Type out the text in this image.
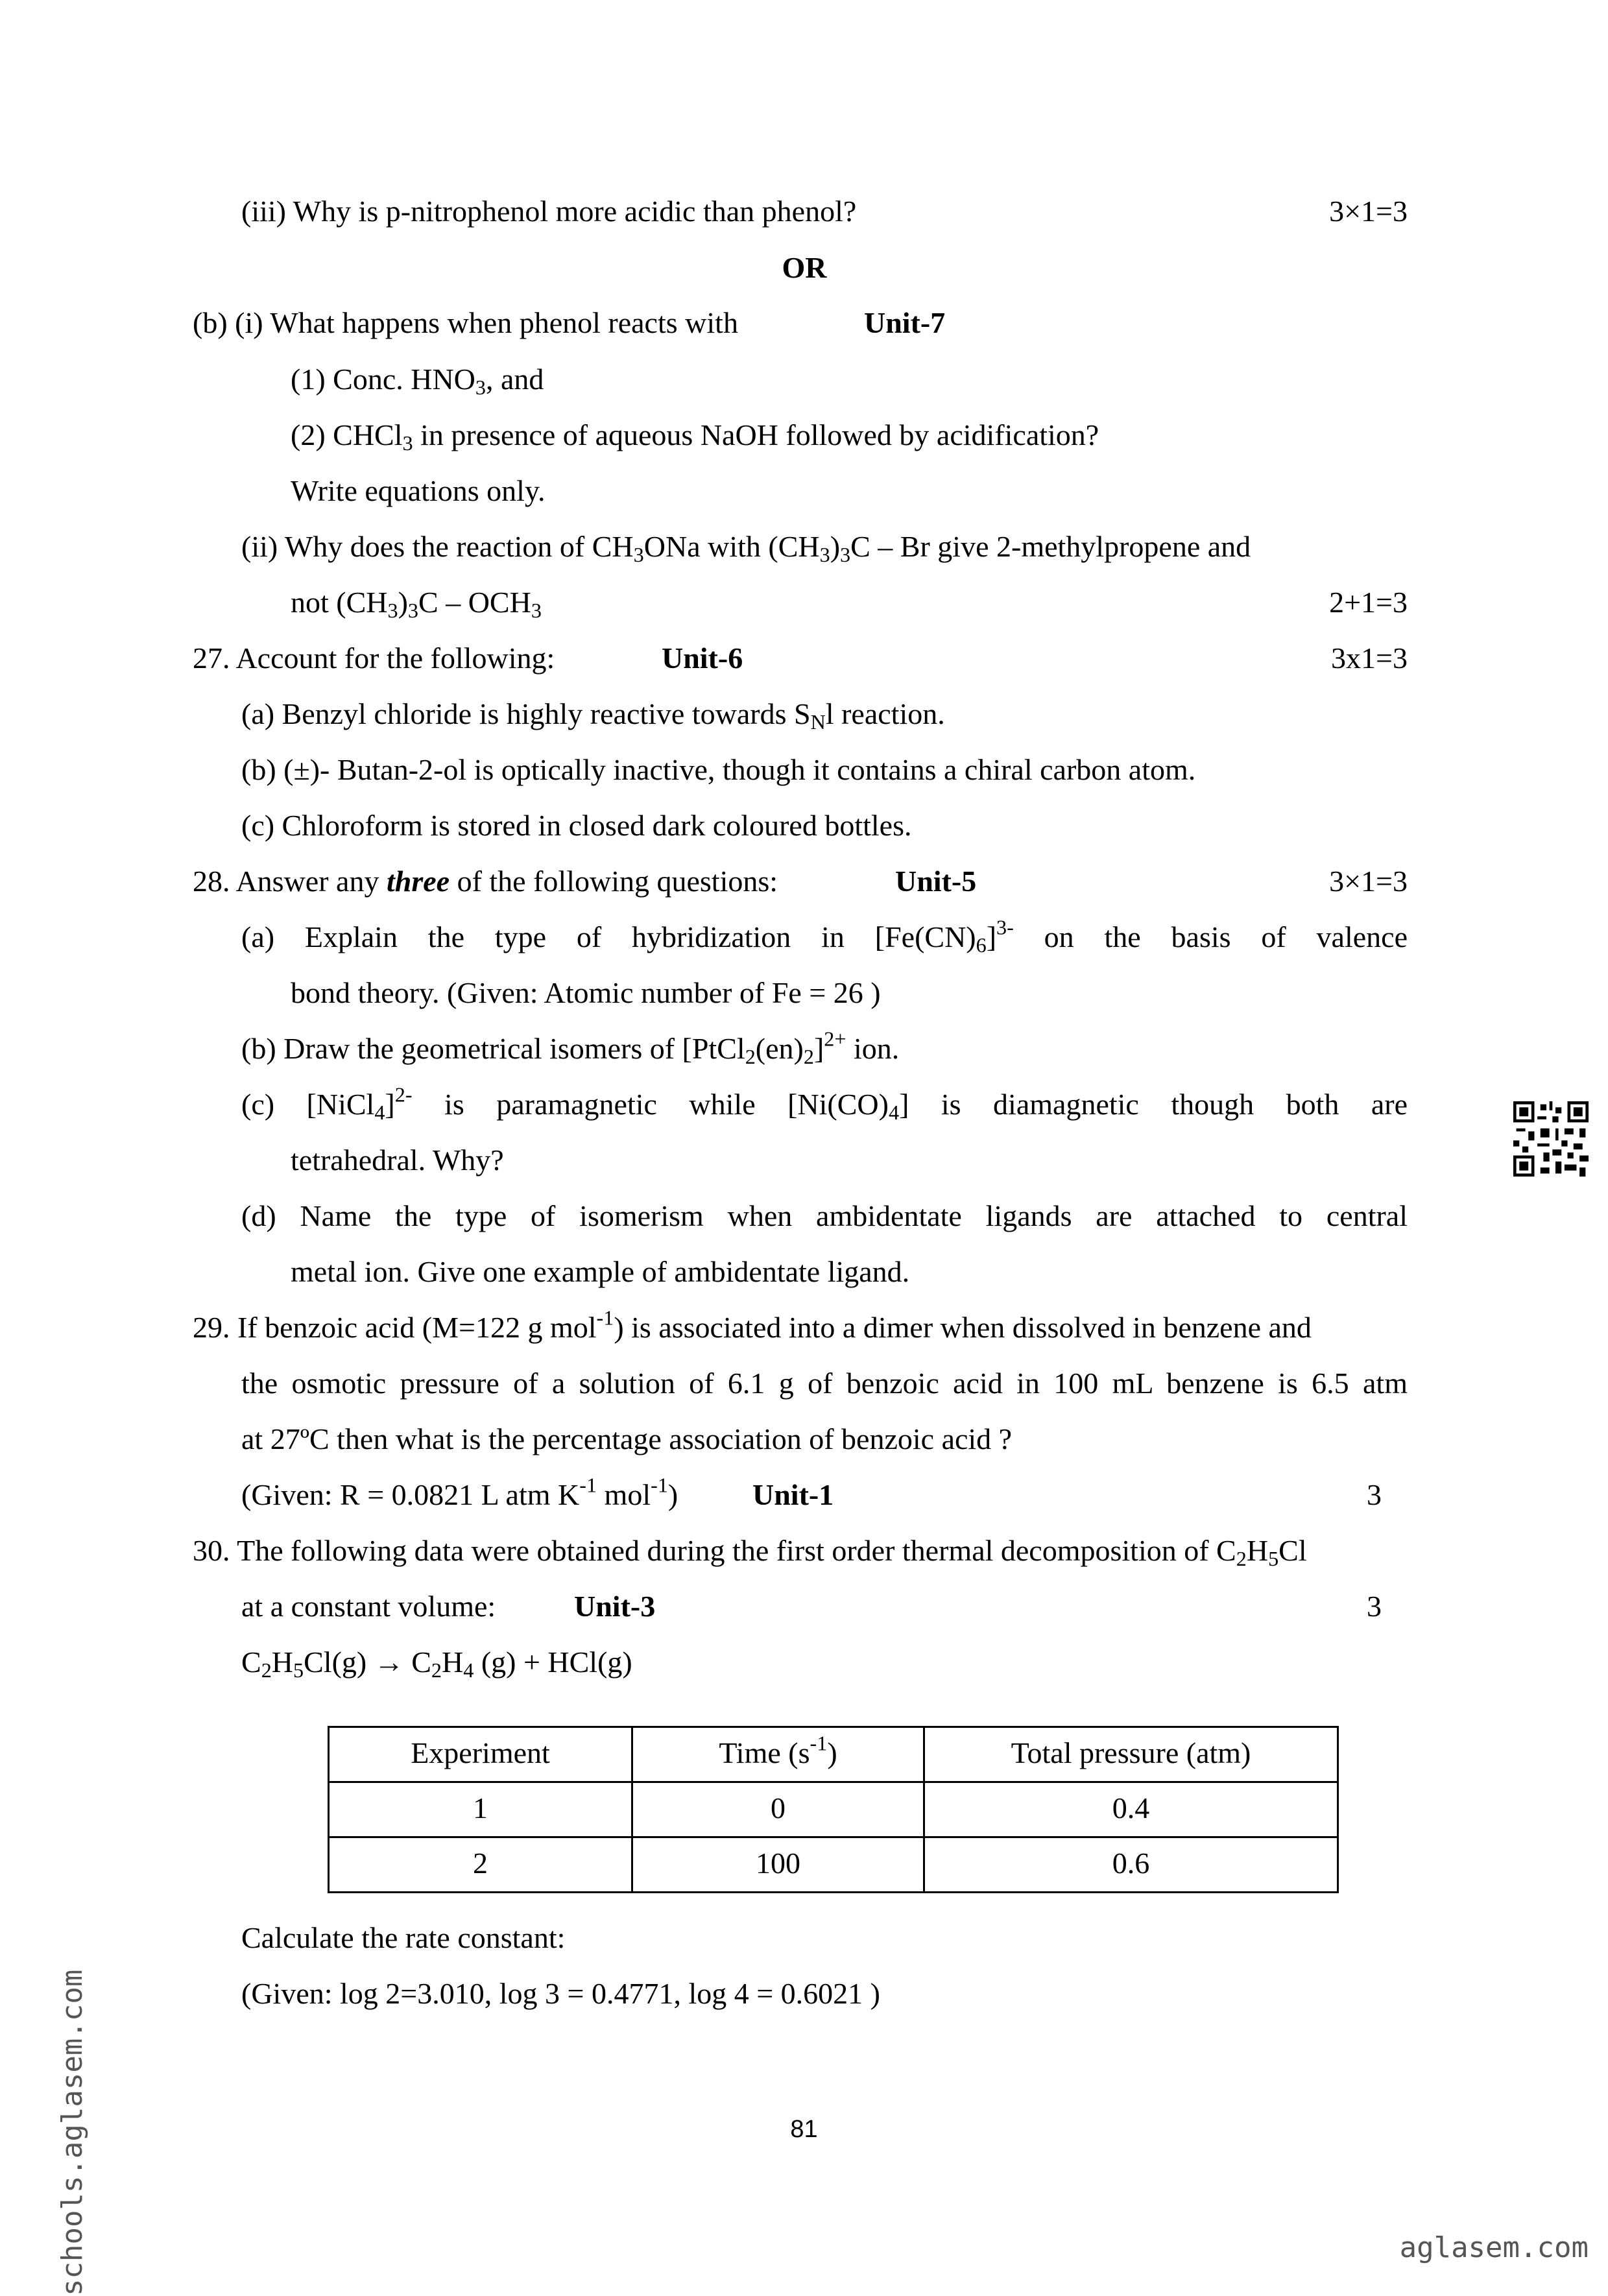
(iii) Why is p-nitrophenol more acidic than phenol?	3×1=3
OR
(b) (i) What happens when phenol reacts with	Unit-7
(1) Conc. $HNO_3$, and
(2) CHCl$_3$ in presence of aqueous NaOH followed by acidification?
Write equations only.
(ii) Why does the reaction of $CH_3ONa$ with $(CH_3)_3C$ – Br give 2-methylpropene and
not $(CH_3)_3C - OCH_3$	2+1=3
27. Account for the following:	Unit-6	3x1=3
(a) Benzyl chloride is highly reactive towards $S_Nl$ reaction.
(b) (±)- Butan-2-ol is optically inactive, though it contains a chiral carbon atom.
(c) Chloroform is stored in closed dark coloured bottles.
28. Answer any three of the following questions:	Unit-5	3×1=3
(a) Explain the type of hybridization in $[Fe(CN)_6]^{3-}$ on the basis of valence
bond theory. (Given: Atomic number of Fe = 26 )
(b) Draw the geometrical isomers of $[PtCl_2(en)_2]^{2+}$ ion.
(c) [NiCl$_4$]$^{2-}$ is paramagnetic while $[Ni(CO)_4]$ is diamagnetic though both are
tetrahedral. Why?
(d) Name the type of isomerism when ambidentate ligands are attached to central
metal ion. Give one example of ambidentate ligand.
29. If benzoic acid (M=122 g mol$^{-1}$) is associated into a dimer when dissolved in benzene and
the osmotic pressure of a solution of 6.1 g of benzoic acid in 100 mL benzene is 6.5 atm
at 27ºC then what is the percentage association of benzoic acid ?
(Given: R = 0.0821 L atm $K^{-1}$ mol$^{-1}$) Unit-1	3
30. The following data were obtained during the first order thermal decomposition of $C_2H_5Cl$
at a constant volume:	Unit-3	3
$C_2H_5Cl(g) \to C_2H_4$ (g) + HCl(g)
Experiment	Time $(s^{-1})$	Total pressure (atm)
1	0	0.4
2	100	0.6
Calculate the rate constant:
(Given: log 2=3.010, log 3 = 0.4771, log 4 = 0.6021 )
81
schools.aglasem.com	aglasem.com
